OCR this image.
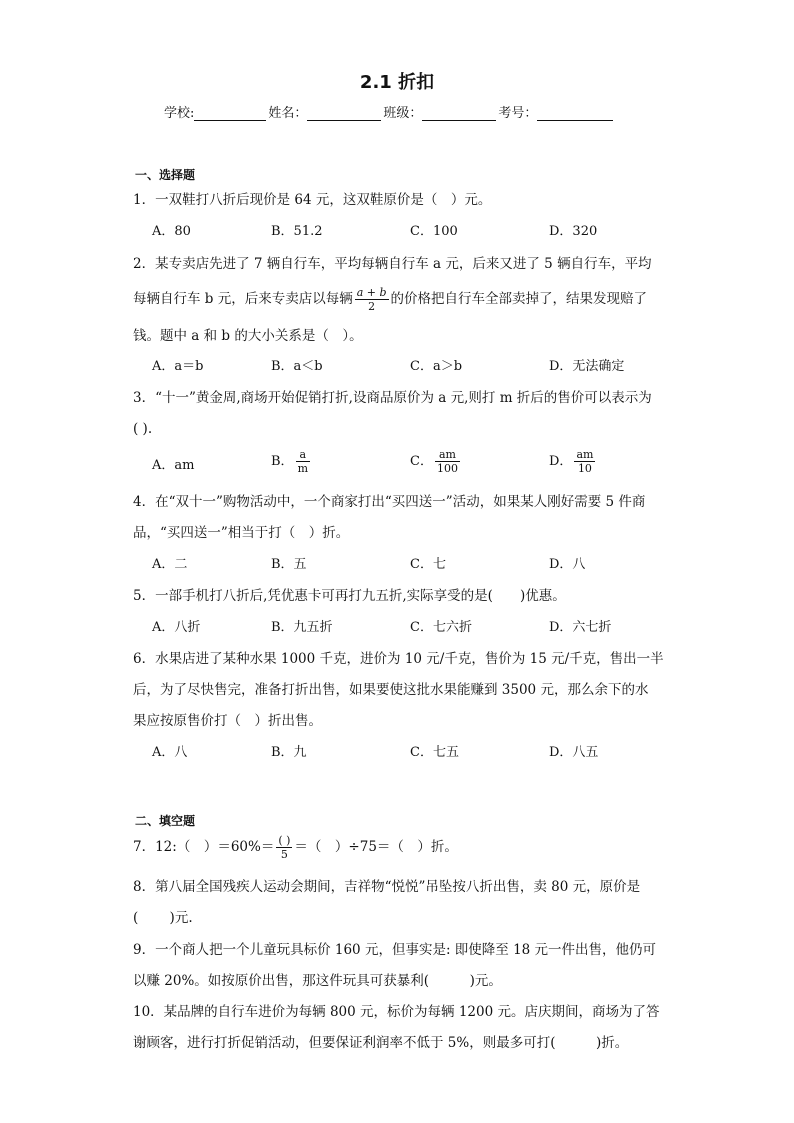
2.1 折扣
学校:	姓名：	班级：	考号：
一、选择题
1．一双鞋打八折后现价是 64 元，这双鞋原价是（　）元。
A．80	B．51.2	C．100	D．320
2．某专卖店先进了 7 辆自行车，平均每辆自行车 a 元，后来又进了 5 辆自行车，平均
每辆自行车 b 元，后来专卖店以每辆 $\frac{a + b}{2}$ 的价格把自行车全部卖掉了，结果发现赔了
钱。题中 a 和 b 的大小关系是（　）。
A．a＝b	B．a＜b	C．a＞b	D．无法确定
3．“十一”黄金周,商场开始促销打折,设商品原价为 a 元,则打 m 折后的售价可以表示为
( ).
A．am	B． $\frac{a}{m}$	C． $\frac{am}{100}$	D． $\frac{am}{10}$
4．在“双十一”购物活动中，一个商家打出“买四送一”活动，如果某人刚好需要 5 件商
品，“买四送一”相当于打（　）折。
A．二	B．五	C．七	D．八
5．一部手机打八折后,凭优惠卡可再打九五折,实际享受的是(　　)优惠。
A．八折	B．九五折	C．七六折	D．六七折
6．水果店进了某种水果 1000 千克，进价为 10 元/千克，售价为 15 元/千克，售出一半
后，为了尽快售完，准备打折出售，如果要使这批水果能赚到 3500 元，那么余下的水
果应按原售价打（　）折出售。
A．八	B．九	C．七五	D．八五
二、填空题
7．12:（　）$=60\%= \frac{( )}{5}$ ＝（　）÷75＝（　）折。
8．第八届全国残疾人运动会期间，吉祥物“悦悦”吊坠按八折出售，卖 80 元，原价是
(　　 )元.
9．一个商人把一个儿童玩具标价 160 元，但事实是: 即使降至 18 元一件出售，他仍可
以赚 20%。如按原价出售，那这件玩具可获暴利(　　　)元。
10．某品牌的自行车进价为每辆 800 元，标价为每辆 1200 元。店庆期间，商场为了答
谢顾客，进行打折促销活动，但要保证利润率不低于 5%，则最多可打(　　　)折。
